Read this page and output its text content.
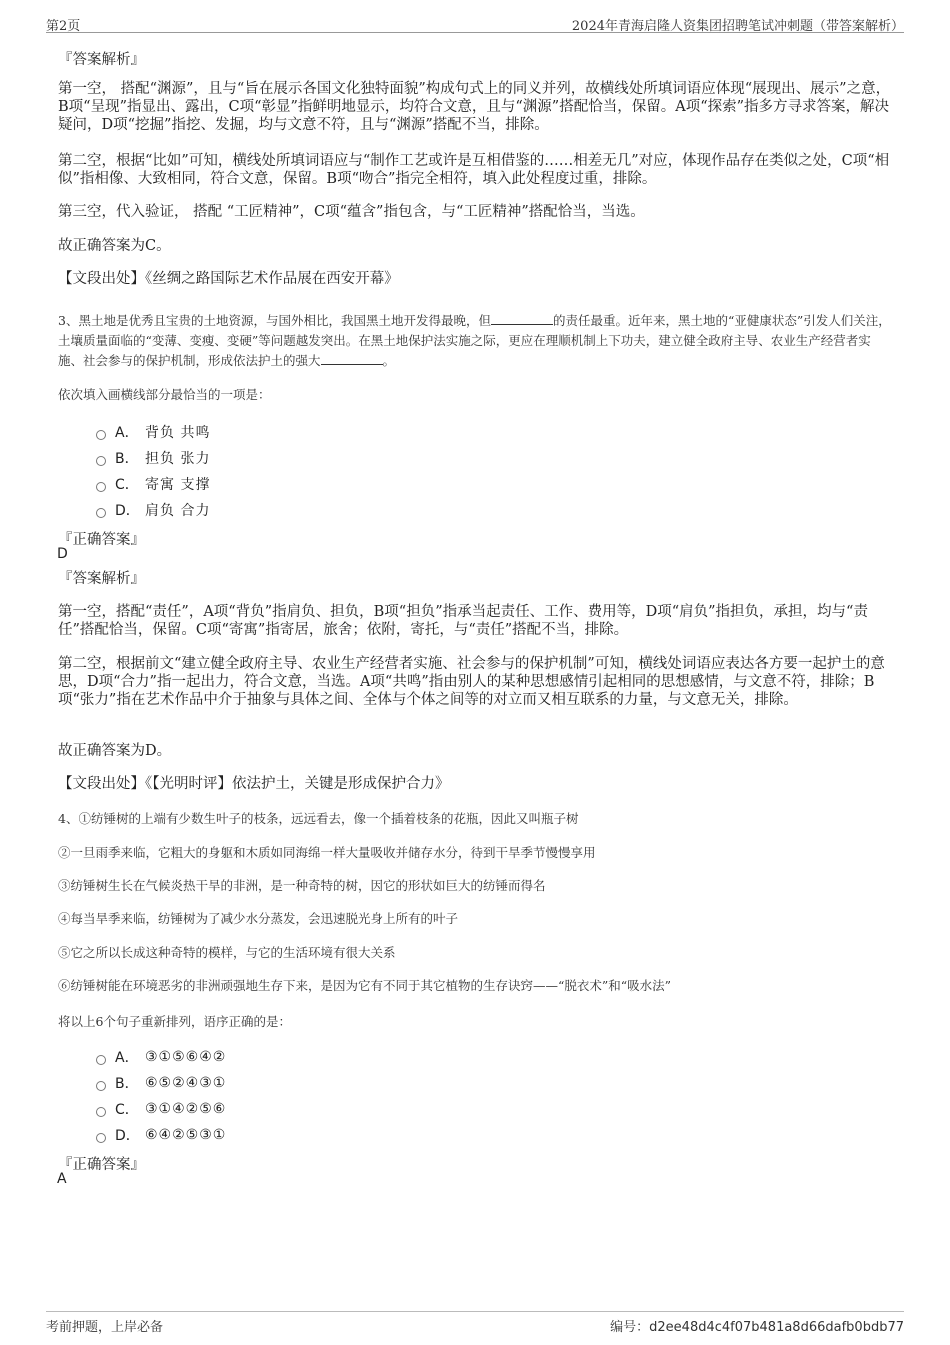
第2页	2024年青海启隆人资集团招聘笔试冲刺题（带答案解析）
『答案解析』
第一空， 搭配“渊源”，且与“旨在展示各国文化独特面貌”构成句式上的同义并列，故横线处所填词语应体现“展现出、展示”之意，B项“呈现”指显出、露出，C项“彰显”指鲜明地显示，均符合文意，且与“渊源”搭配恰当，保留。A项“探索”指多方寻求答案，解决疑问，D项“挖掘”指挖、发掘，均与文意不符，且与“渊源”搭配不当，排除。
第二空，根据“比如”可知，横线处所填词语应与“制作工艺或许是互相借鉴的……相差无几”对应，体现作品存在类似之处，C项“相似”指相像、大致相同，符合文意，保留。B项“吻合”指完全相符，填入此处程度过重，排除。
第三空，代入验证， 搭配 “工匠精神”，C项“蕴含”指包含，与“工匠精神”搭配恰当，当选。
故正确答案为C。
【文段出处】《丝绸之路国际艺术作品展在西安开幕》
3、黑土地是优秀且宝贵的土地资源，与国外相比，我国黑土地开发得最晚，但	的责任最重。近年来，黑土地的“亚健康状态”引发人们关注，土壤质量面临的“变薄、变瘦、变硬”等问题越发突出。在黑土地保护法实施之际，更应在理顺机制上下功夫，建立健全政府主导、农业生产经营者实施、社会参与的保护机制，形成依法护土的强大	。
依次填入画横线部分最恰当的一项是：
A． 背负 共鸣
B． 担负 张力
C． 寄寓 支撑
D． 肩负 合力
『正确答案』
D
『答案解析』
第一空，搭配“责任”，A项“背负”指肩负、担负，B项“担负”指承当起责任、工作、费用等，D项“肩负”指担负，承担，均与“责任”搭配恰当，保留。C项“寄寓”指寄居，旅舍；依附，寄托，与“责任”搭配不当，排除。
第二空，根据前文“建立健全政府主导、农业生产经营者实施、社会参与的保护机制”可知，横线处词语应表达各方要一起护土的意思，D项“合力”指一起出力，符合文意，当选。A项“共鸣”指由别人的某种思想感情引起相同的思想感情，与文意不符，排除；B项“张力”指在艺术作品中介于抽象与具体之间、全体与个体之间等的对立而又相互联系的力量，与文意无关，排除。
故正确答案为D。
【文段出处】《【光明时评】依法护土，关键是形成保护合力》
4、①纺锤树的上端有少数生叶子的枝条，远远看去，像一个插着枝条的花瓶，因此又叫瓶子树
②一旦雨季来临，它粗大的身躯和木质如同海绵一样大量吸收并储存水分，待到干旱季节慢慢享用
③纺锤树生长在气候炎热干旱的非洲，是一种奇特的树，因它的形状如巨大的纺锤而得名
④每当旱季来临，纺锤树为了减少水分蒸发，会迅速脱光身上所有的叶子
⑤它之所以长成这种奇特的模样，与它的生活环境有很大关系
⑥纺锤树能在环境恶劣的非洲顽强地生存下来，是因为它有不同于其它植物的生存诀窍——“脱衣术”和“吸水法”
将以上6个句子重新排列，语序正确的是：
A． ③①⑤⑥④②
B． ⑥⑤②④③①
C． ③①④②⑤⑥
D． ⑥④②⑤③①
『正确答案』
A
考前押题，上岸必备	编号：d2ee48d4c4f07b481a8d66dafb0bdb77
